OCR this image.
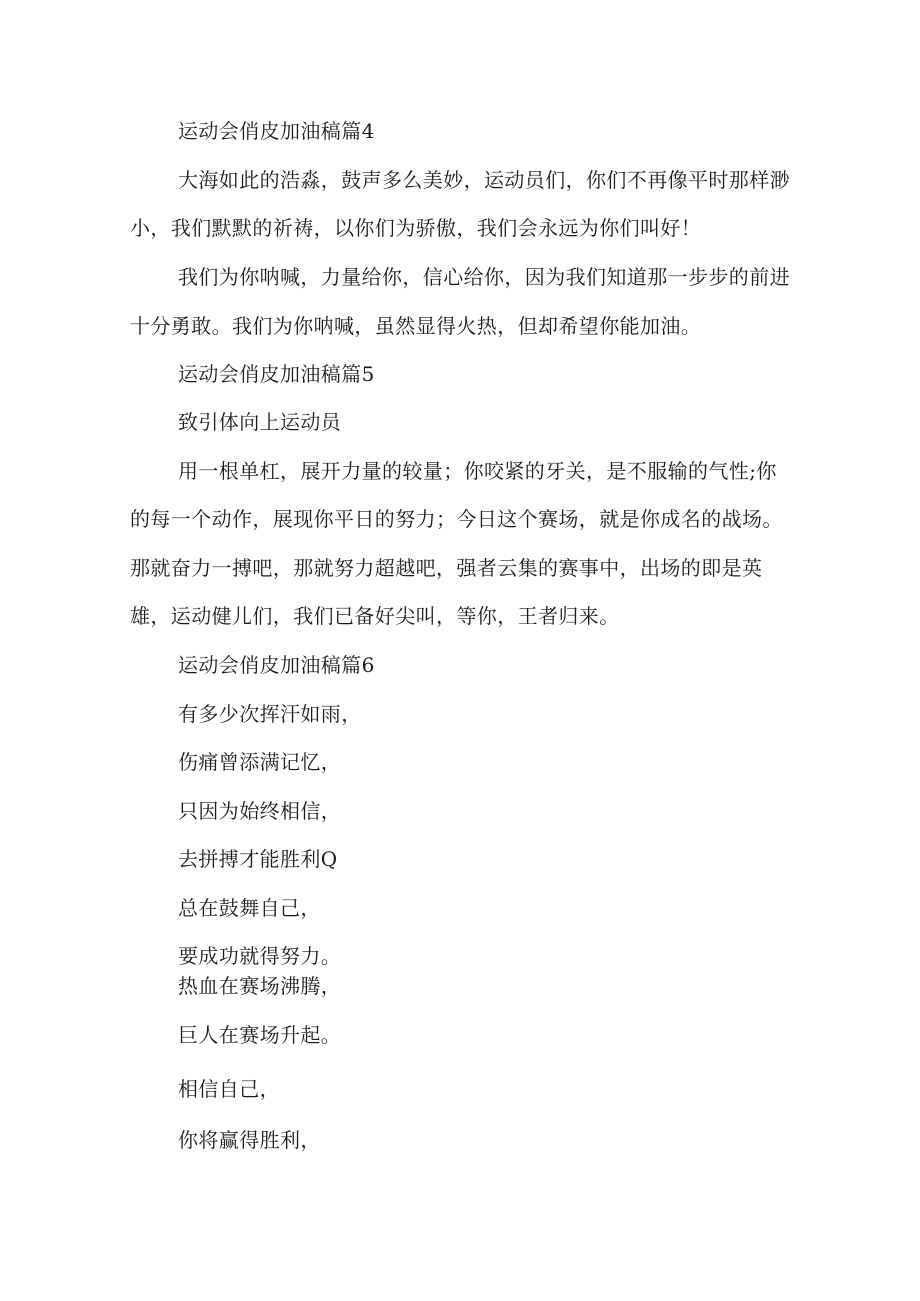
运动会俏皮加油稿篇4
大海如此的浩淼，鼓声多么美妙，运动员们，你们不再像平时那样渺
小，我们默默的祈祷，以你们为骄傲，我们会永远为你们叫好！
我们为你呐喊，力量给你，信心给你，因为我们知道那一步步的前进
十分勇敢。我们为你呐喊，虽然显得火热，但却希望你能加油。
运动会俏皮加油稿篇5
致引体向上运动员
用一根单杠，展开力量的较量；你咬紧的牙关，是不服输的气性;你
的每一个动作，展现你平日的努力；今日这个赛场，就是你成名的战场。
那就奋力一搏吧，那就努力超越吧，强者云集的赛事中，出场的即是英
雄，运动健儿们，我们已备好尖叫，等你，王者归来。
运动会俏皮加油稿篇6
有多少次挥汗如雨，
伤痛曾添满记忆，
只因为始终相信，
去拼搏才能胜利Q
总在鼓舞自己，
要成功就得努力。
热血在赛场沸腾，
巨人在赛场升起。
相信自己，
你将赢得胜利，
